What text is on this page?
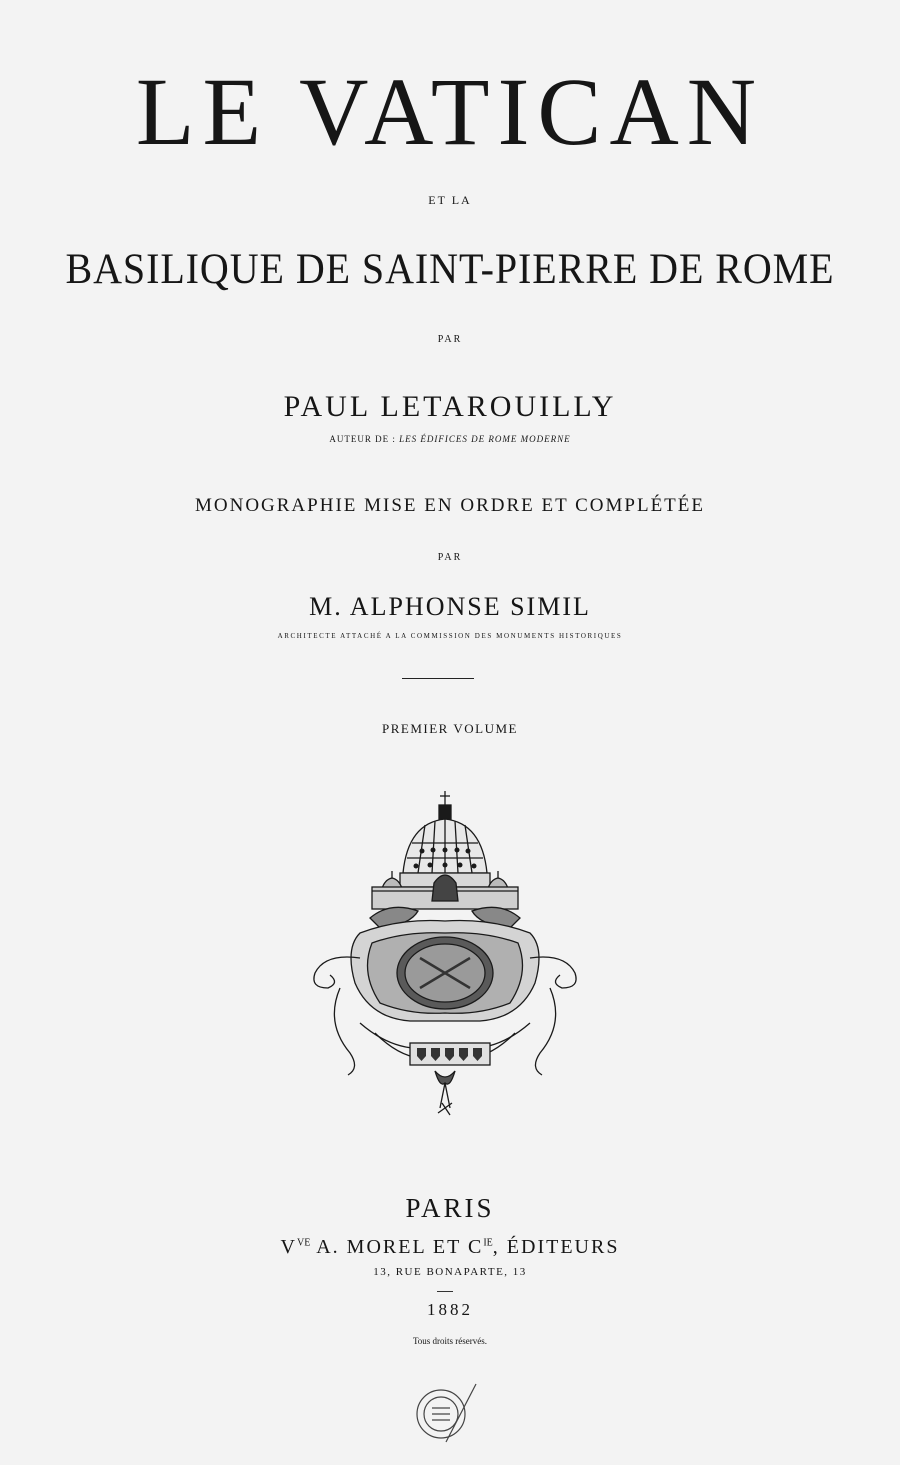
LE VATICAN
ET LA
BASILIQUE DE SAINT-PIERRE DE ROME
PAR
PAUL LETAROUILLY
AUTEUR DE : LES ÉDIFICES DE ROME MODERNE
MONOGRAPHIE MISE EN ORDRE ET COMPLÉTÉE
PAR
M. ALPHONSE SIMIL
ARCHITECTE ATTACHÉ A LA COMMISSION DES MONUMENTS HISTORIQUES
PREMIER VOLUME
PARIS
$V^{VE}$ A. MOREL ET $C^{IE}$, ÉDITEURS
13, RUE BONAPARTE, 13
1882
Tous droits réservés.
